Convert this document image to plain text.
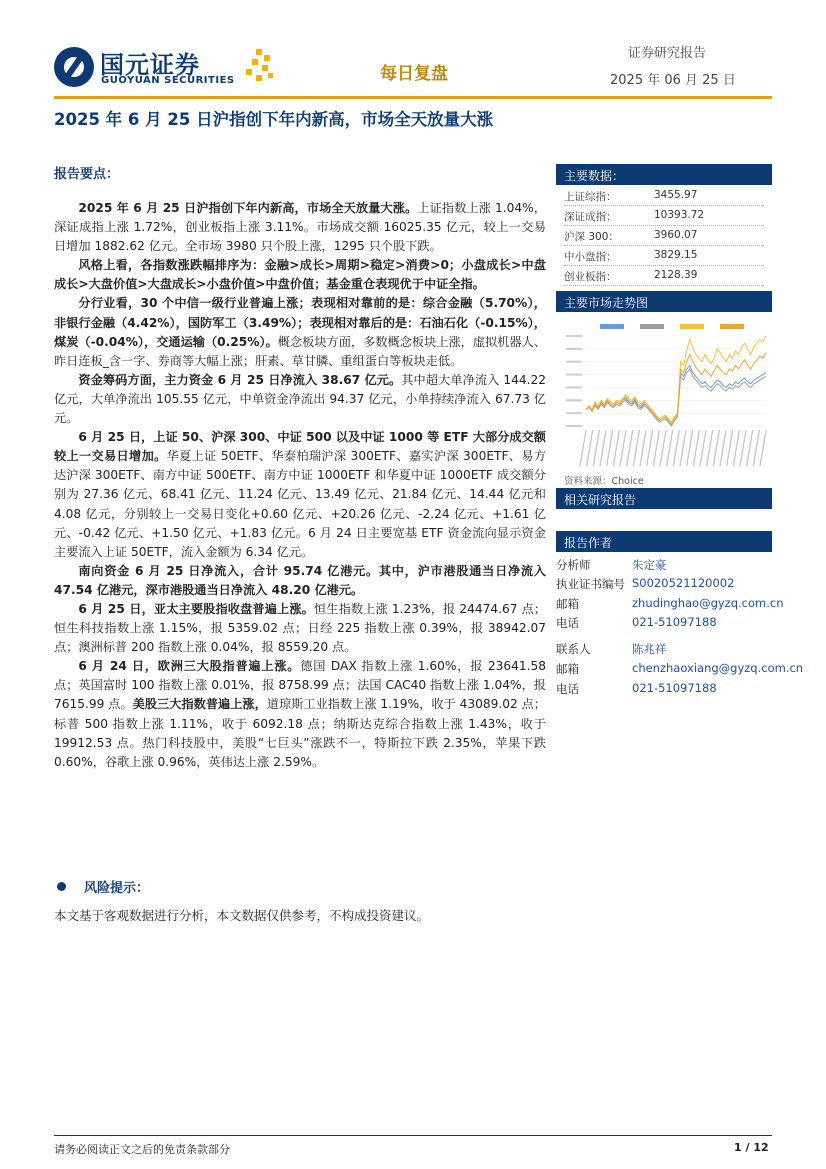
国元证券
GUOYUAN SECURITIES	每日复盘
证券研究报告
2025 年 06 月 25 日
2025 年 6 月 25 日沪指创下年内新高，市场全天放量大涨
报告要点：

2025 年 6 月 25 日沪指创下年内新高，市场全天放量大涨。上证指数上涨 1.04%，深证成指上涨 1.72%，创业板指上涨 3.11%。市场成交额 16025.35 亿元，较上一交易日增加 1882.62 亿元。全市场 3980 只个股上涨，1295 只个股下跌。

风格上看，各指数涨跌幅排序为：金融>成长>周期>稳定>消费>0；小盘成长>中盘成长>大盘价值>大盘成长>小盘价值>中盘价值；基金重仓表现优于中证全指。

分行业看，30 个中信一级行业普遍上涨；表现相对靠前的是：综合金融（5.70%），非银行金融（4.42%），国防军工（3.49%）；表现相对靠后的是：石油石化（-0.15%），煤炭（-0.04%），交通运输（0.25%）。概念板块方面，多数概念板块上涨，虚拟机器人、昨日连板_含一字、券商等大幅上涨；肝素、草甘膦、重组蛋白等板块走低。

资金筹码方面，主力资金 6 月 25 日净流入 38.67 亿元。其中超大单净流入 144.22 亿元，大单净流出 105.55 亿元，中单资金净流出 94.37 亿元，小单持续净流入 67.73 亿元。

6 月 25 日，上证 50、沪深 300、中证 500 以及中证 1000 等 ETF 大部分成交额较上一交易日增加。华夏上证 50ETF、华泰柏瑞沪深 300ETF、嘉实沪深 300ETF、易方达沪深 300ETF、南方中证 500ETF、南方中证 1000ETF 和华夏中证 1000ETF 成交额分别为 27.36 亿元、68.41 亿元、11.24 亿元、13.49 亿元、21.84 亿元、14.44 亿元和 4.08 亿元，分别较上一交易日变化+0.60 亿元、+20.26 亿元、-2.24 亿元、+1.61 亿元、-0.42 亿元、+1.50 亿元、+1.83 亿元。6 月 24 日主要宽基 ETF 资金流向显示资金主要流入上证 50ETF，流入金额为 6.34 亿元。

南向资金 6 月 25 日净流入，合计 95.74 亿港元。其中，沪市港股通当日净流入 47.54 亿港元，深市港股通当日净流入 48.20 亿港元。

6 月 25 日，亚太主要股指收盘普遍上涨。恒生指数上涨 1.23%，报 24474.67 点；恒生科技指数上涨 1.15%，报 5359.02 点；日经 225 指数上涨 0.39%，报 38942.07 点；澳洲标普 200 指数上涨 0.04%，报 8559.20 点。

6 月 24 日，欧洲三大股指普遍上涨。德国 DAX 指数上涨 1.60%，报 23641.58 点；英国富时 100 指数上涨 0.01%，报 8758.99 点；法国 CAC40 指数上涨 1.04%，报 7615.99 点。美股三大指数普遍上涨，道琼斯工业指数上涨 1.19%，收于 43089.02 点；标普 500 指数上涨 1.11%，收于 6092.18 点；纳斯达克综合指数上涨 1.43%，收于 19912.53 点。热门科技股中，美股“七巨头”涨跌不一，特斯拉下跌 2.35%，苹果下跌 0.60%，谷歌上涨 0.96%，英伟达上涨 2.59%。

风险提示：
本文基于客观数据进行分析，本文数据仅供参考，不构成投资建议。
主要数据：
上证综指：	3455.97
深证成指：	10393.72
沪深 300：	3960.07
中小盘指：	3829.15
创业板指：	2128.39
主要市场走势图
资料来源：Choice
相关研究报告
报告作者
分析师	朱定豪
执业证书编号 S0020521120002
邮箱	zhudinghao@gyzq.com.cn
电话	021-51097188
联系人	陈兆祥
邮箱	chenzhaoxiang@gyzq.com.cn
电话	021-51097188
请务必阅读正文之后的免责条款部分	1 / 12
